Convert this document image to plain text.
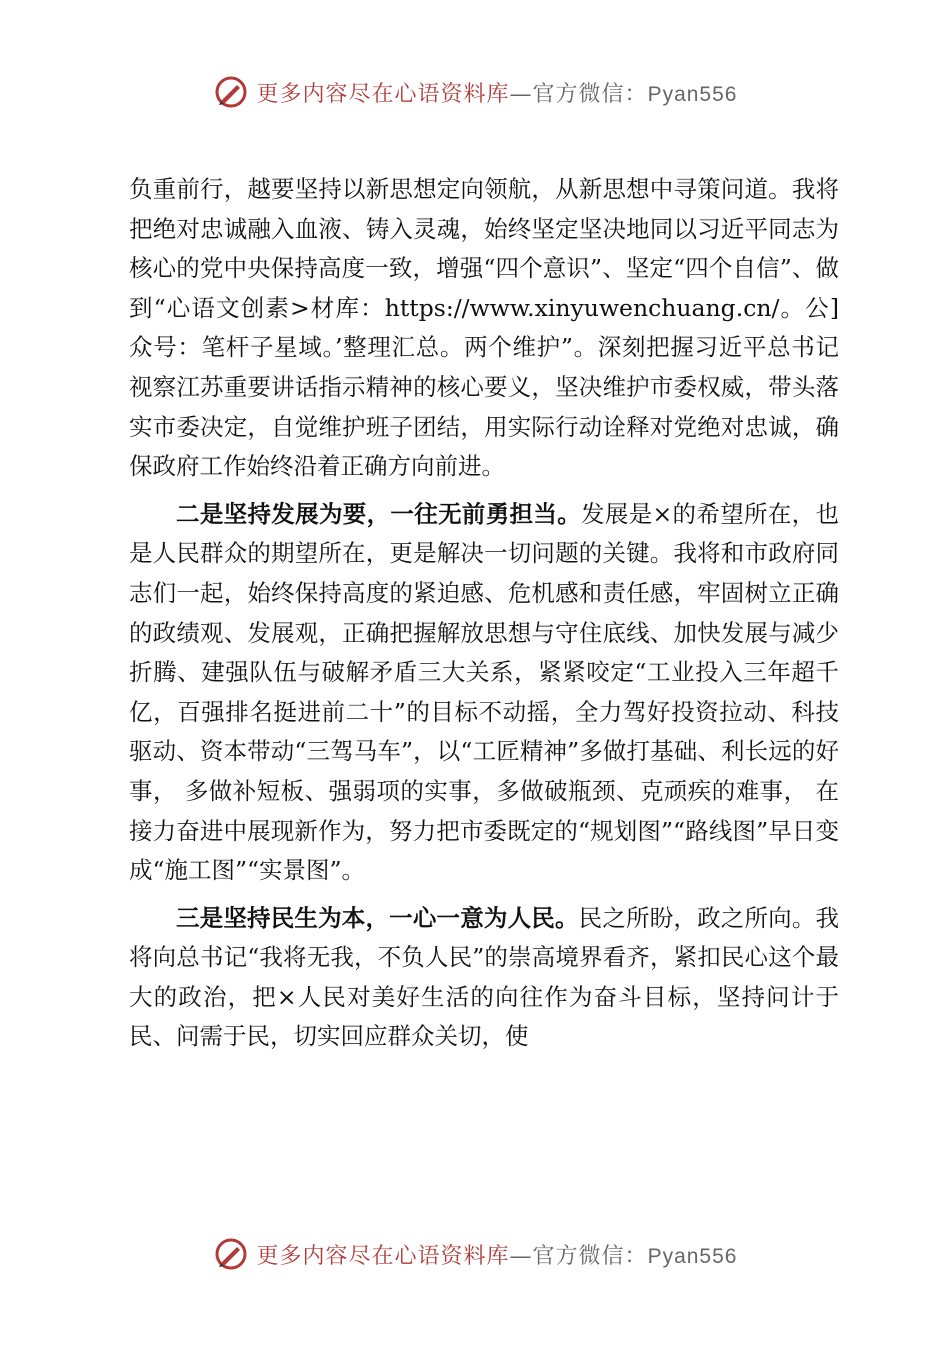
更多内容尽在心语资料库—官方微信：Pyan556

负重前行，越要坚持以新思想定向领航，从新思想中寻策问道。我将把绝对忠诚融入血液、铸入灵魂，始终坚定坚决地同以习近平同志为核心的党中央保持高度一致，增强“四个意识”、坚定“四个自信”、做到“心语文创素>材库：https://www.xinyuwenchuang.cn/。公]众号：笔杆子星域。’整理汇总。两个维护”。深刻把握习近平总书记视察江苏重要讲话指示精神的核心要义，坚决维护市委权威，带头落实市委决定，自觉维护班子团结，用实际行动诠释对党绝对忠诚，确保政府工作始终沿着正确方向前进。

二是坚持发展为要，一往无前勇担当。发展是×的希望所在，也是人民群众的期望所在，更是解决一切问题的关键。我将和市政府同志们一起，始终保持高度的紧迫感、危机感和责任感，牢固树立正确的政绩观、发展观，正确把握解放思想与守住底线、加快发展与减少折腾、建强队伍与破解矛盾三大关系，紧紧咬定“工业投入三年超千亿，百强排名挺进前二十”的目标不动摇，全力驾好投资拉动、科技驱动、资本带动“三驾马车”，以“工匠精神”多做打基础、利长远的好事， 多做补短板、强弱项的实事，多做破瓶颈、克顽疾的难事， 在接力奋进中展现新作为，努力把市委既定的“规划图”“路线图”早日变成“施工图”“实景图”。

三是坚持民生为本，一心一意为人民。民之所盼，政之所向。我将向总书记“我将无我，不负人民”的崇高境界看齐，紧扣民心这个最大的政治，把×人民对美好生活的向往作为奋斗目标，坚持问计于民、问需于民，切实回应群众关切，使

更多内容尽在心语资料库—官方微信：Pyan556
